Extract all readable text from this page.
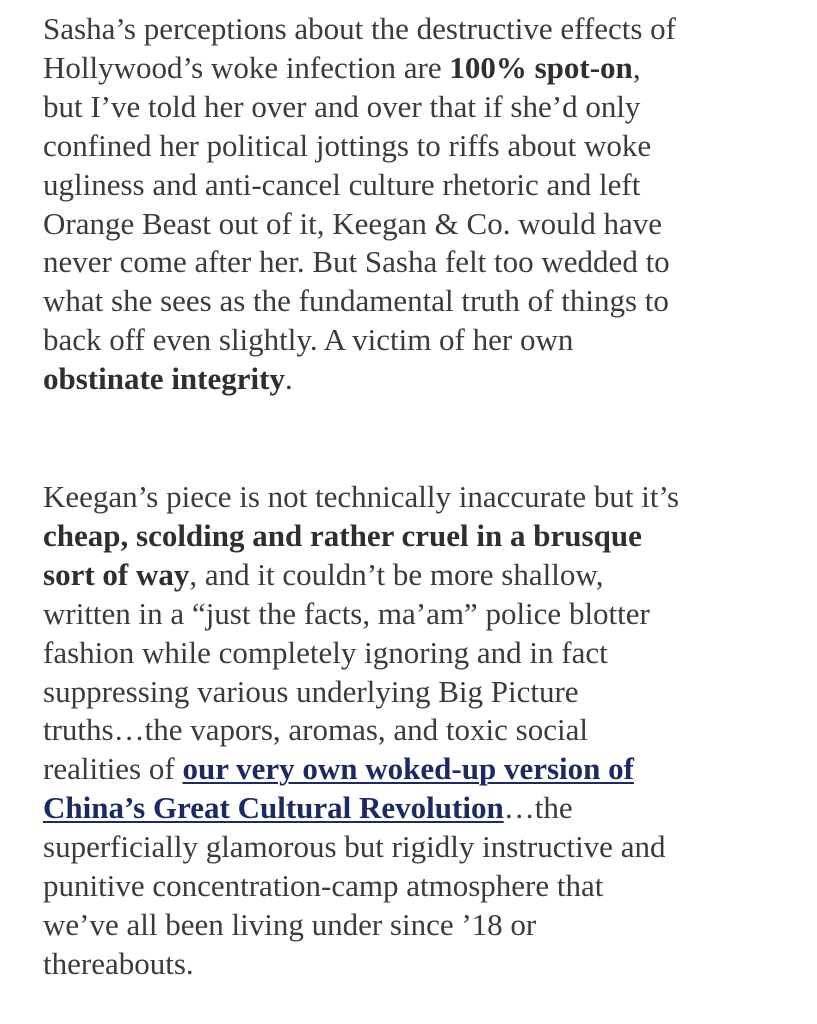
Sasha’s perceptions about the destructive effects of
Hollywood’s woke infection are 100% spot-on,
but I’ve told her over and over that if she’d only
confined her political jottings to riffs about woke
ugliness and anti-cancel culture rhetoric and left
Orange Beast out of it, Keegan & Co. would have
never come after her. But Sasha felt too wedded to
what she sees as the fundamental truth of things to
back off even slightly. A victim of her own
obstinate integrity.

Keegan’s piece is not technically inaccurate but it’s
cheap, scolding and rather cruel in a brusque
sort of way, and it couldn’t be more shallow,
written in a “just the facts, ma’am” police blotter
fashion while completely ignoring and in fact
suppressing various underlying Big Picture
truths…the vapors, aromas, and toxic social
realities of our very own woked-up version of
China’s Great Cultural Revolution…the
superficially glamorous but rigidly instructive and
punitive concentration-camp atmosphere that
we’ve all been living under since ’18 or
thereabouts.
